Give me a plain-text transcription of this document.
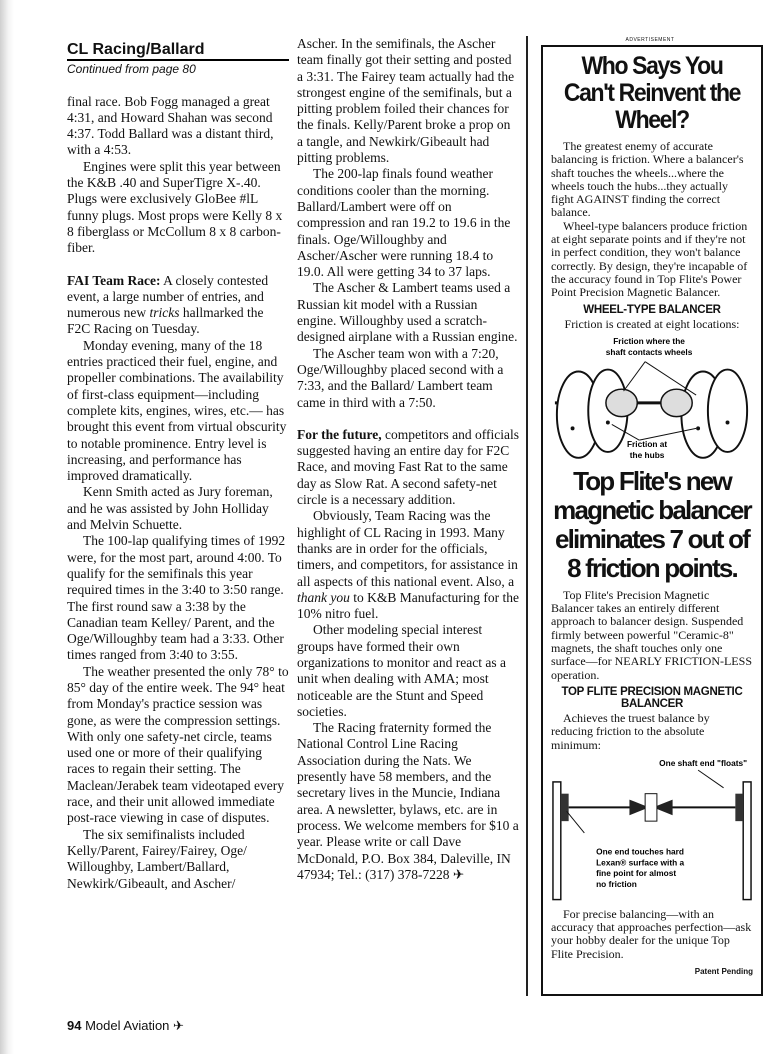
CL Racing/Ballard
Continued from page 80

final race. Bob Fogg managed a great 4:31, and Howard Shahan was second 4:37. Todd Ballard was a distant third, with a 4:53.

Engines were split this year between the K&B .40 and SuperTigre X-.40. Plugs were exclusively GloBee #lL funny plugs. Most props were Kelly 8 x 8 fiberglass or McCollum 8 x 8 carbon- fiber.

FAI Team Race: A closely contested event, a large number of entries, and numerous new tricks hallmarked the F2C Racing on Tuesday.

Monday evening, many of the 18 entries practiced their fuel, engine, and propeller combinations. The availability of first-class equipment—including complete kits, engines, wires, etc.— has brought this event from virtual obscurity to notable prominence. Entry level is increasing, and performance has improved dramatically.

Kenn Smith acted as Jury foreman, and he was assisted by John Holliday and Melvin Schuette.

The 100-lap qualifying times of 1992 were, for the most part, around 4:00. To qualify for the semifinals this year required times in the 3:40 to 3:50 range. The first round saw a 3:38 by the Canadian team Kelley/ Parent, and the Oge/Willoughby team had a 3:33. Other times ranged from 3:40 to 3:55.

The weather presented the only 78° to 85° day of the entire week. The 94° heat from Monday's practice session was gone, as were the compression settings. With only one safety-net circle, teams used one or more of their qualifying races to regain their setting. The Maclean/Jerabek team videotaped every race, and their unit allowed immediate post-race viewing in case of disputes.

The six semifinalists included Kelly/Parent, Fairey/Fairey, Oge/ Willoughby, Lambert/Ballard, Newkirk/Gibeault, and Ascher/

Ascher. In the semifinals, the Ascher team finally got their setting and posted a 3:31. The Fairey team actually had the strongest engine of the semifinals, but a pitting problem foiled their chances for the finals. Kelly/Parent broke a prop on a tangle, and Newkirk/Gibeault had pitting problems.

The 200-lap finals found weather conditions cooler than the morning. Ballard/Lambert were off on compression and ran 19.2 to 19.6 in the finals. Oge/Willoughby and Ascher/Ascher were running 18.4 to 19.0. All were getting 34 to 37 laps.

The Ascher & Lambert teams used a Russian kit model with a Russian engine. Willoughby used a scratch-designed airplane with a Russian engine.

The Ascher team won with a 7:20, Oge/Willoughby placed second with a 7:33, and the Ballard/ Lambert team came in third with a 7:50.

For the future, competitors and officials suggested having an entire day for F2C Race, and moving Fast Rat to the same day as Slow Rat. A second safety-net circle is a necessary addition.

Obviously, Team Racing was the highlight of CL Racing in 1993. Many thanks are in order for the officials, timers, and competitors, for assistance in all aspects of this national event. Also, a thank you to K&B Manufacturing for the 10% nitro fuel.

Other modeling special interest groups have formed their own organizations to monitor and react as a unit when dealing with AMA; most noticeable are the Stunt and Speed societies.

The Racing fraternity formed the National Control Line Racing Association during the Nats. We presently have 58 members, and the secretary lives in the Muncie, Indiana area. A newsletter, bylaws, etc. are in process. We welcome members for $10 a year. Please write or call Dave McDonald, P.O. Box 384, Daleville, IN 47934; Tel.: (317) 378-7228 ✈

ADVERTISEMENT
Who Says You Can't Reinvent the Wheel?

The greatest enemy of accurate balancing is friction. Where a balancer's shaft touches the wheels...where the wheels touch the hubs...they actually fight AGAINST finding the correct balance.

Wheel-type balancers produce friction at eight separate points and if they're not in perfect condition, they won't balance correctly. By design, they're incapable of the accuracy found in Top Flite's Power Point Precision Magnetic Balancer.

WHEEL-TYPE BALANCER
Friction is created at eight locations:
Friction where the
shaft contacts wheels
Friction at
the hubs
Top Flite's new magnetic balancer eliminates 7 out of 8 friction points.

Top Flite's Precision Magnetic Balancer takes an entirely different approach to balancer design. Suspended firmly between powerful "Ceramic-8" magnets, the shaft touches only one surface—for NEARLY FRICTION-LESS operation.

TOP FLITE PRECISION MAGNETIC BALANCER

Achieves the truest balance by reducing friction to the absolute minimum:

One shaft end "floats"
One end touches hard
Lexan® surface with a
fine point for almost
no friction

For precise balancing—with an accuracy that approaches perfection—ask your hobby dealer for the unique Top Flite Precision.

Patent Pending
94 Model Aviation ✈
